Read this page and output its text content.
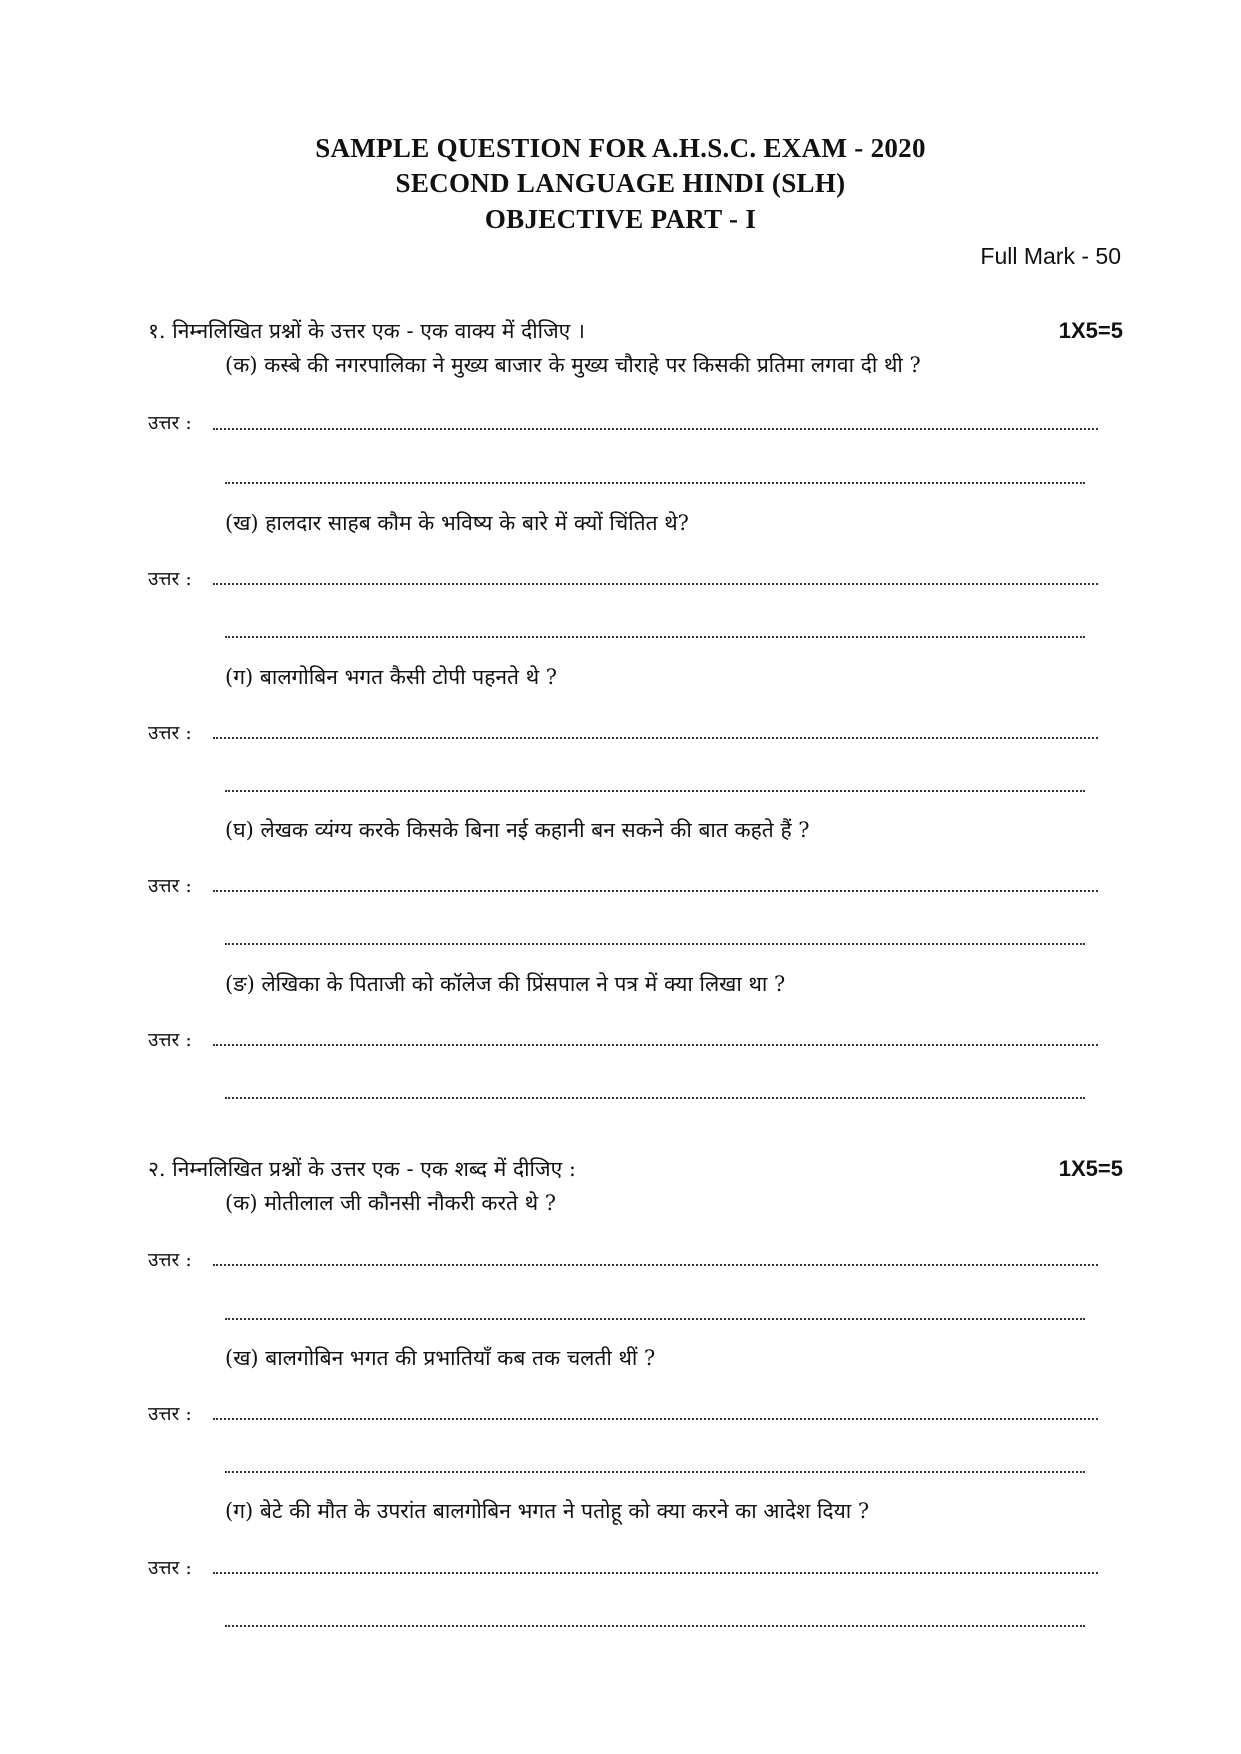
SAMPLE QUESTION FOR A.H.S.C. EXAM - 2020
SECOND LANGUAGE HINDI (SLH)
OBJECTIVE PART - I
Full Mark - 50
१. निम्नलिखित प्रश्नों के उत्तर एक - एक वाक्य में दीजिए ।	1X5=5
(क) कस्बे की नगरपालिका ने मुख्य बाजार के मुख्य चौराहे पर किसकी प्रतिमा लगवा दी थी ?
उत्तर :
(ख) हालदार साहब कौम के भविष्य के बारे में क्यों चिंतित थे?
उत्तर :
(ग) बालगोबिन भगत कैसी टोपी पहनते थे ?
उत्तर :
(घ) लेखक व्यंग्य करके किसके बिना नई कहानी बन सकने की बात कहते हैं ?
उत्तर :
(ङ) लेखिका के पिताजी को कॉलेज की प्रिंसपाल ने पत्र में क्या लिखा था ?
उत्तर :
२. निम्नलिखित प्रश्नों के उत्तर एक - एक शब्द में दीजिए :	1X5=5
(क) मोतीलाल जी कौनसी नौकरी करते थे ?
उत्तर :
(ख) बालगोबिन भगत की प्रभातियाँ कब तक चलती थीं ?
उत्तर :
(ग) बेटे की मौत के उपरांत बालगोबिन भगत ने पतोहू को क्या करने का आदेश दिया ?
उत्तर :
